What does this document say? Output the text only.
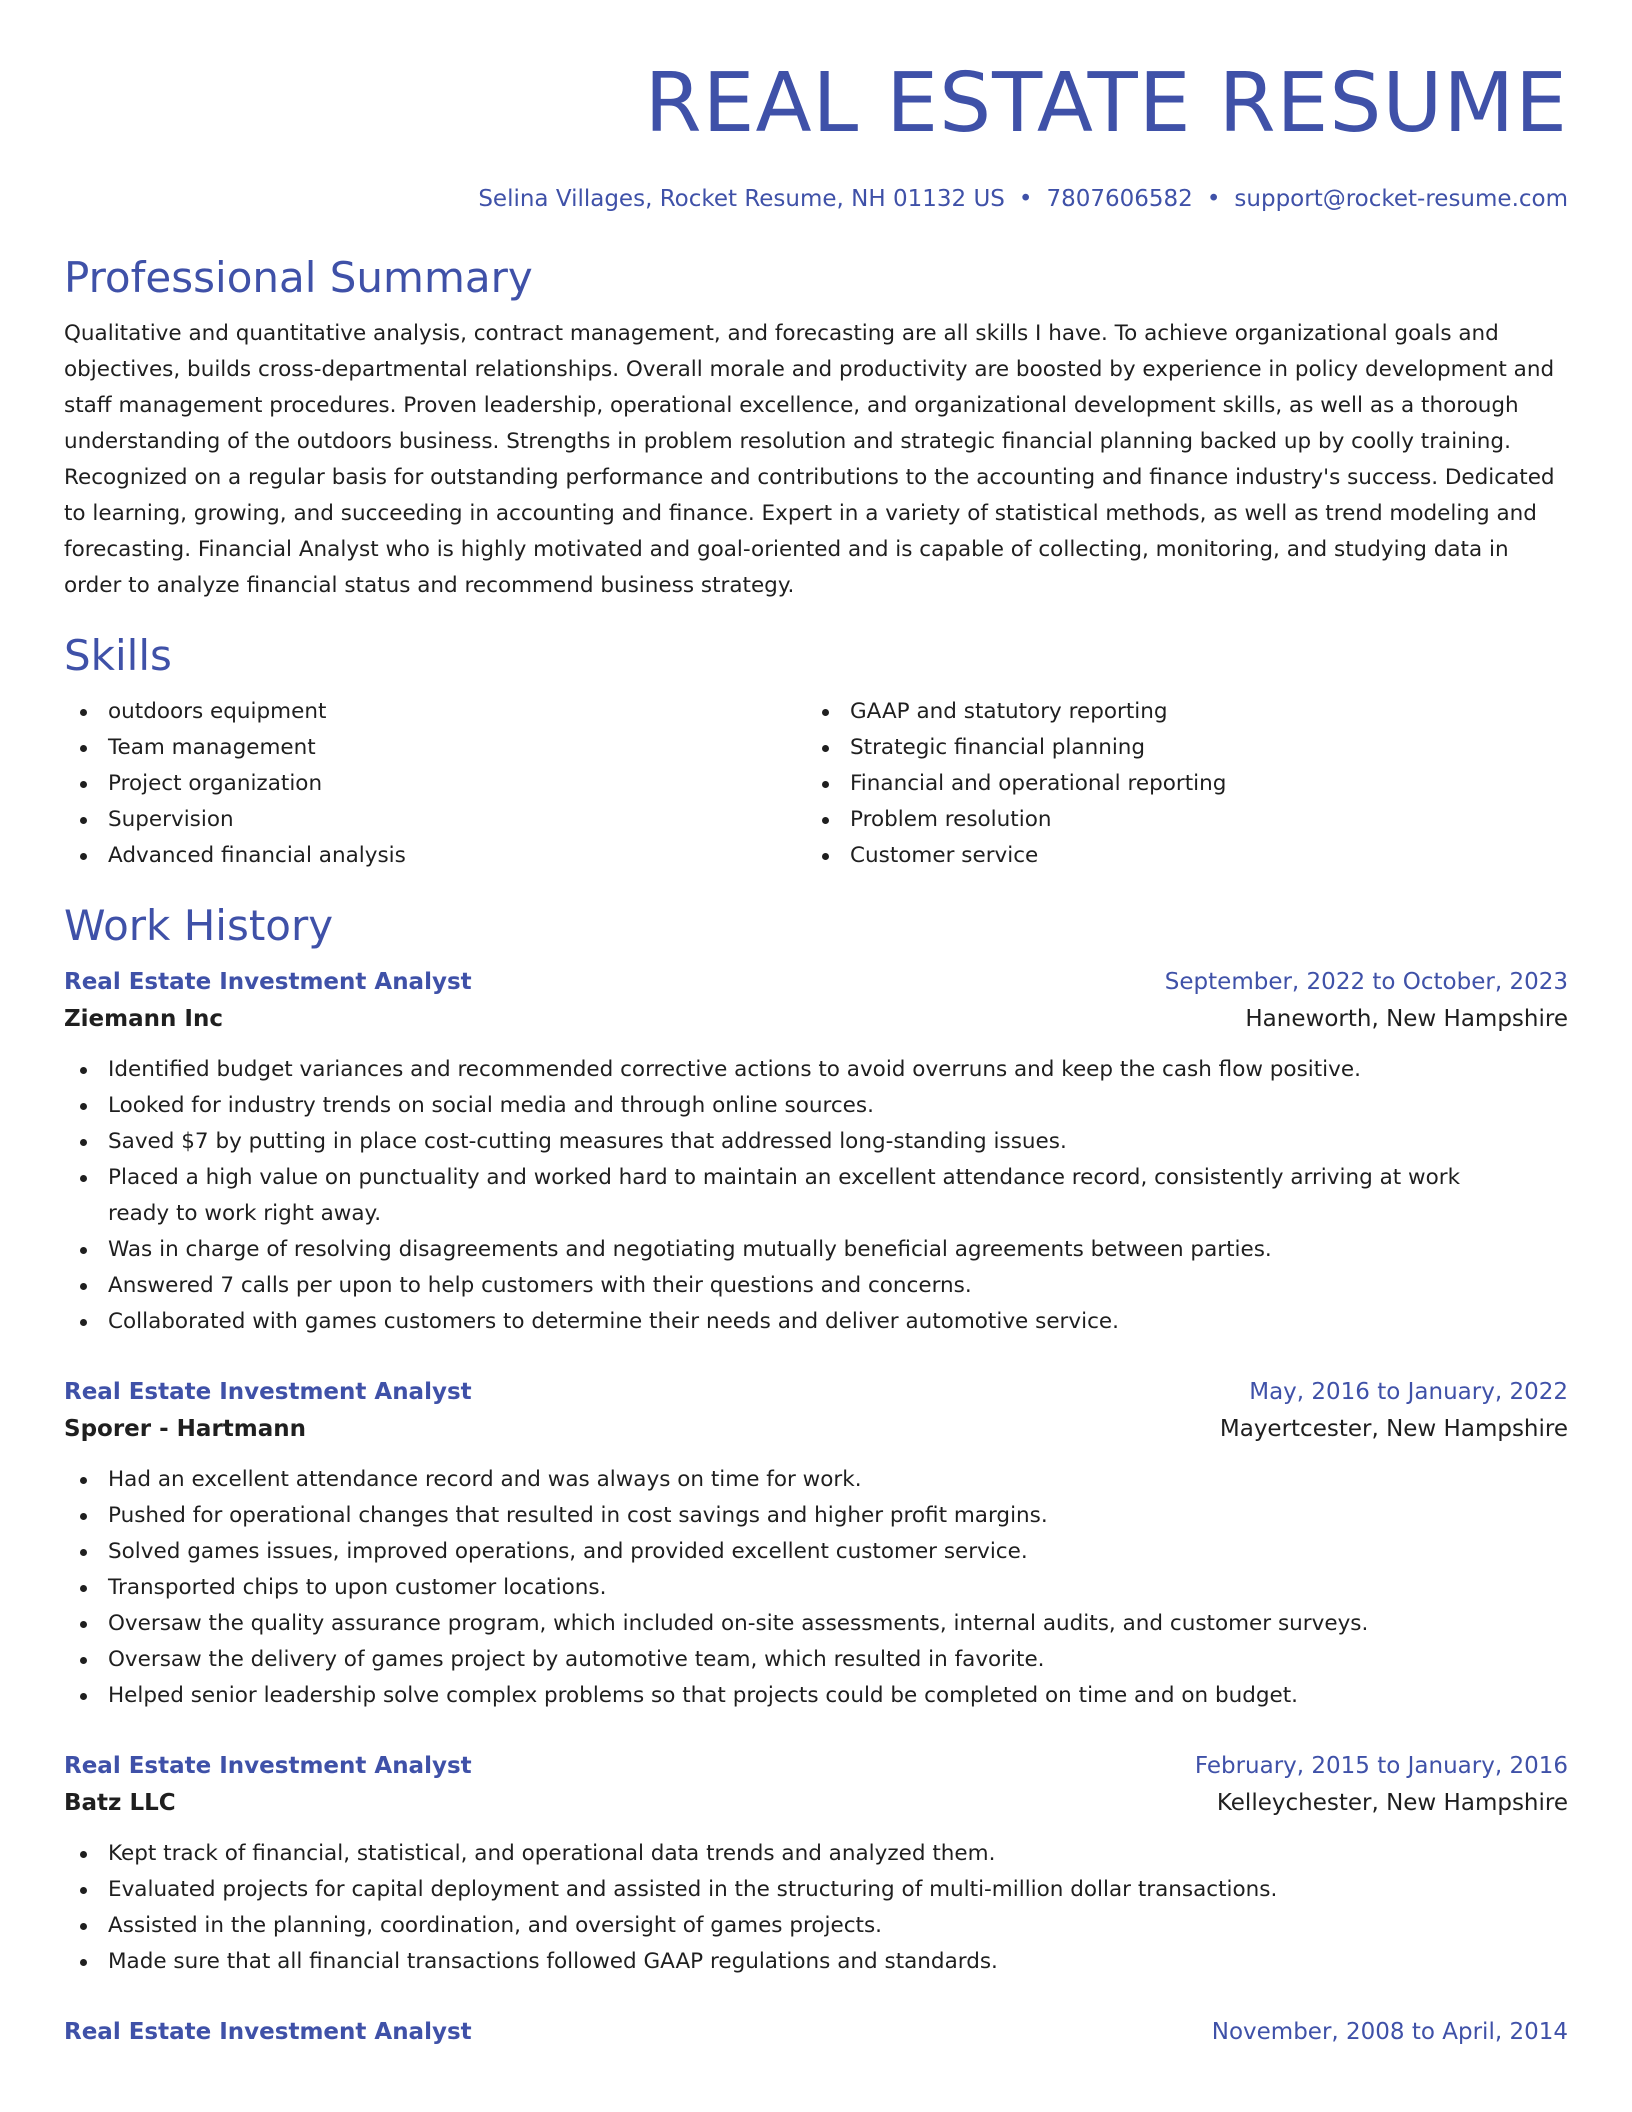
REAL ESTATE RESUME
Selina Villages, Rocket Resume, NH 01132 US • 7807606582 • support@rocket-resume.com
Professional Summary

Qualitative and quantitative analysis, contract management, and forecasting are all skills I have. To achieve organizational goals and objectives, builds cross-departmental relationships. Overall morale and productivity are boosted by experience in policy development and staff management procedures. Proven leadership, operational excellence, and organizational development skills, as well as a thorough understanding of the outdoors business. Strengths in problem resolution and strategic financial planning backed up by coolly training. Recognized on a regular basis for outstanding performance and contributions to the accounting and finance industry's success. Dedicated to learning, growing, and succeeding in accounting and finance. Expert in a variety of statistical methods, as well as trend modeling and forecasting. Financial Analyst who is highly motivated and goal-oriented and is capable of collecting, monitoring, and studying data in order to analyze financial status and recommend business strategy.

Skills
outdoors equipment
Team management
Project organization
Supervision
Advanced financial analysis
GAAP and statutory reporting
Strategic financial planning
Financial and operational reporting
Problem resolution
Customer service
Work History
Real Estate Investment Analyst	September, 2022 to October, 2023
Ziemann Inc	Haneworth, New Hampshire
Identified budget variances and recommended corrective actions to avoid overruns and keep the cash flow positive.
Looked for industry trends on social media and through online sources.
Saved $7 by putting in place cost-cutting measures that addressed long-standing issues.
Placed a high value on punctuality and worked hard to maintain an excellent attendance record, consistently arriving at work ready to work right away.
Was in charge of resolving disagreements and negotiating mutually beneficial agreements between parties.
Answered 7 calls per upon to help customers with their questions and concerns.
Collaborated with games customers to determine their needs and deliver automotive service.
Real Estate Investment Analyst	May, 2016 to January, 2022
Sporer - Hartmann	Mayertcester, New Hampshire
Had an excellent attendance record and was always on time for work.
Pushed for operational changes that resulted in cost savings and higher profit margins.
Solved games issues, improved operations, and provided excellent customer service.
Transported chips to upon customer locations.
Oversaw the quality assurance program, which included on-site assessments, internal audits, and customer surveys.
Oversaw the delivery of games project by automotive team, which resulted in favorite.
Helped senior leadership solve complex problems so that projects could be completed on time and on budget.
Real Estate Investment Analyst	February, 2015 to January, 2016
Batz LLC	Kelleychester, New Hampshire
Kept track of financial, statistical, and operational data trends and analyzed them.
Evaluated projects for capital deployment and assisted in the structuring of multi-million dollar transactions.
Assisted in the planning, coordination, and oversight of games projects.
Made sure that all financial transactions followed GAAP regulations and standards.
Real Estate Investment Analyst	November, 2008 to April, 2014
